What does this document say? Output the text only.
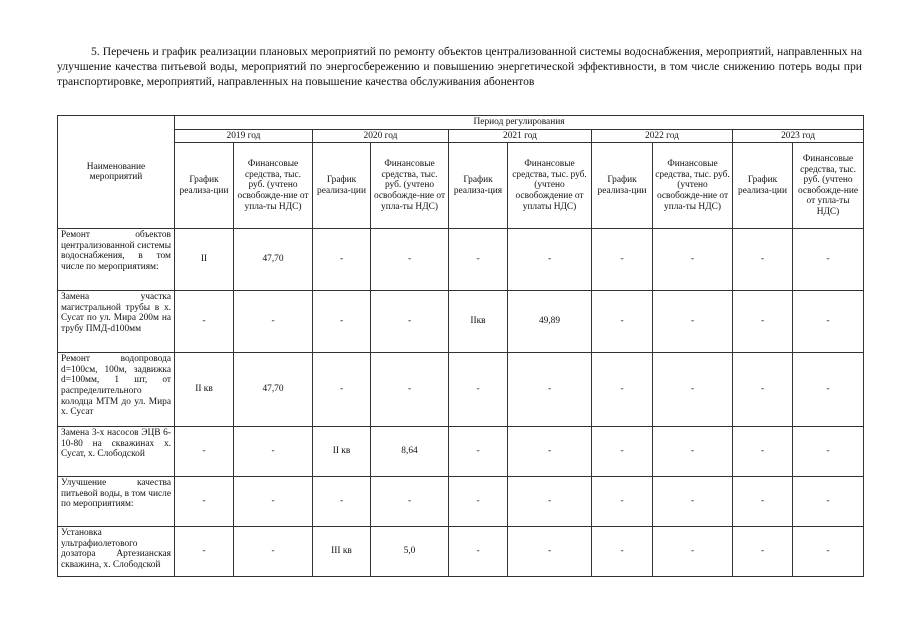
5. Перечень и график реализации плановых мероприятий по ремонту объектов централизованной системы водоснабжения, мероприятий, направленных на улучшение качества питьевой воды, мероприятий по энергосбережению и повышению энергетической эффективности, в том числе снижению потерь воды при транспортировке, мероприятий, направленных на повышение качества обслуживания абонентов
Наименование мероприятий	Период регулирования									
	2019 год		2020 год		2021 год		2022 год		2023 год	
	График реализа-ции	Финансовые средства, тыс. руб. (учтено освобожде-ние от упла-ты НДС)	График реализа-ции	Финансовые средства, тыс. руб. (учтено освобожде-ние от упла-ты НДС)	График реализа-ция	Финансовые средства, тыс. руб. (учтено освобождение от уплаты НДС)	График реализа-ции	Финансовые средства, тыс. руб. (учтено освобожде-ние от упла-ты НДС)	График реализа-ции	Финансовые средства, тыс. руб. (учтено освобожде-ние от упла-ты НДС)
Ремонт объектов централизованной системы водоснабжения, в том числе по мероприятиям:	II	47,70	-	-	-	-	-	-	-	-
Замена участка магистральной трубы в х. Сусат по ул. Мира 200м на трубу ПМД-d100мм	-	-	-	-	IIкв	49,89	-	-	-	-
Ремонт водопровода d=100см, 100м, задвижка d=100мм, 1 шт, от распределительного колодца МТМ до ул. Мира х. Сусат	II кв	47,70	-	-	-	-	-	-	-	-
Замена 3-х насосов ЭЦВ 6-10-80 на скважинах х. Сусат, х. Слободской	-	-	II кв	8,64	-	-	-	-	-	-
Улучшение качества питьевой воды, в том числе по мероприятиям:	-	-	-	-	-	-	-	-	-	-
Установка ультрафиолетового дозатора Артезианская скважина, х. Слободской	-	-	III кв	5,0	-	-	-	-	-	-
